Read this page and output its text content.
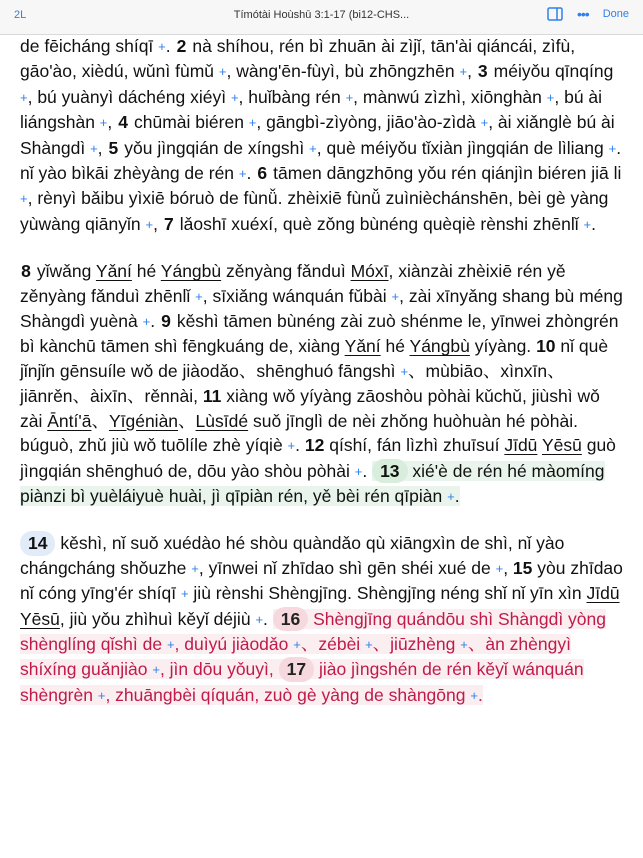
2L	Tímótài Hoùshū 3:1-17 (bi12-CHS...	••• Done

de fēicháng shíqī +. 2 nà shíhou, rén bì zhuān ài zìjǐ, tān'ài qiáncái, zìfù, gāo'ào, xièdú, wǔnì fùmǔ +, wàng'ēn-fùyì, bù zhōngzhēn +, 3 méiyǒu qīnqíng +, bú yuànyì dáchéng xiéyì +, huǐbàng rén +, mànwú zìzhì, xiōnghàn +, bú ài liángshàn +, 4 chūmài biéren +, gāngbì-zìyòng, jiāo'ào-zìdà +, ài xiǎnglè bú ài Shàngdì +, 5 yǒu jìngqián de xíngshì +, què méiyǒu tǐxiàn jìngqián de lìliang +. nǐ yào bìkāi zhèyàng de rén +. 6 tāmen dāngzhōng yǒu rén qiánjìn biéren jiā li +, rènyì bǎibu yìxiē bóruò de fùnǚ. zhèixiē fùnǚ zuìnièchánshēn, bèi gè yàng yùwàng qiānyǐn +, 7 lǎoshī xuéxí, què zǒng bùnéng quèqiè rènshi zhēnlǐ +.

8 yǐwǎng Yǎní hé Yángbù zěnyàng fǎnduì Móxī, xiànzài zhèixiē rén yě zěnyàng fǎnduì zhēnlǐ +, sīxiǎng wánquán fǔbài +, zài xīnyǎng shang bù méng Shàngdì yuènà +. 9 kěshì tāmen bùnéng zài zuò shénme le, yīnwei zhòngrén bì kànchū tāmen shì fēngkuáng de, xiàng Yǎní hé Yángbù yíyàng. 10 nǐ què jǐnjǐn gēnsuíle wǒ de jiàodǎo、shēnghuó fāngshì +、mùbiāo、xìnxīn、jiānrěn、àixīn、rěnnài, 11 xiàng wǒ yíyàng zāoshòu pòhài kǔchǔ, jiùshì wǒ zài Āntí'ā、Yīgéniàn、Lùsīdé suǒ jīnglì de nèi zhǒng huòhuàn hé pòhài. búguò, zhǔ jiù wǒ tuōlíle zhè yíqiè +. 12 qíshí, fán lìzhì zhuīsuí Jīdū Yēsū guò jìngqián shēnghuó de, dōu yào shòu pòhài +. 13 xié'è de rén hé màomíng piànzi bì yuèláiyuè huài, jì qīpiàn rén, yě bèi rén qīpiàn +.

14 kěshì, nǐ suǒ xuédào hé shòu quàndǎo qù xiāngxìn de shì, nǐ yào chángcháng shǒuzhe +, yīnwei nǐ zhīdao shì gēn shéi xué de +, 15 yòu zhīdao nǐ cóng yīng'ér shíqī + jiù rènshi Shèngjīng. Shèngjīng néng shǐ nǐ yīn xìn Jīdū Yēsū, jiù yǒu zhìhuì kěyǐ déjiù +. 16 Shèngjīng quándōu shì Shàngdì yòng shènglíng qǐshì de +, duìyú jiàodǎo +、zébèi +、jiūzhèng +、àn zhèngyì shíxíng guǎnjiào +, jìn dōu yǒuyì, 17 jiào jìngshén de rén kěyǐ wánquán shèngrèn +, zhuāngbèi qíquán, zuò gè yàng de shàngōng +.
